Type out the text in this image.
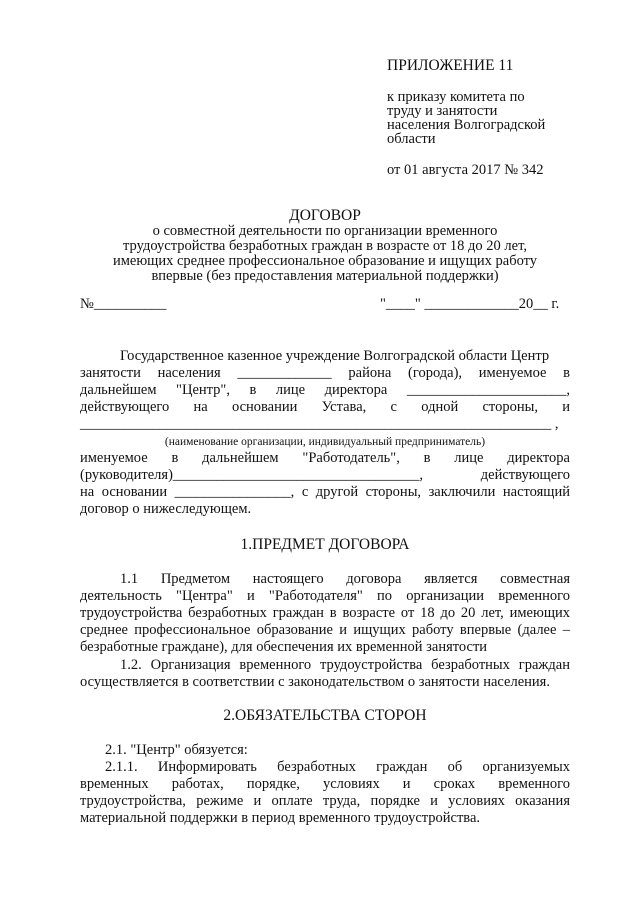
ПРИЛОЖЕНИЕ 11
к приказу комитета по
труду и занятости
населения Волгоградской
области
от 01 августа 2017 № 342
ДОГОВОР
о совместной деятельности по организации временного
трудоустройства безработных граждан в возрасте от 18 до 20 лет,
имеющих среднее профессиональное образование и ищущих работу
впервые (без предоставления материальной поддержки)
№__________	"____" _____________20__ г.
Государственное казенное учреждение Волгоградской области Центр
занятости населения _____________ района (города), именуемое в
дальнейшем "Центр", в лице директора ______________________,
действующего на основании Устава, с одной стороны, и
_________________________________________________________________ ,
(наименование организации, индивидуальный предприниматель)
именуемое в дальнейшем "Работодатель", в лице директора
(руководителя)__________________________________, действующего
на основании ________________, с другой стороны, заключили настоящий
договор о нижеследующем.
1.ПРЕДМЕТ ДОГОВОРА
1.1 Предметом настоящего договора является совместная
деятельность "Центра" и "Работодателя" по организации временного
трудоустройства безработных граждан в возрасте от 18 до 20 лет, имеющих
среднее профессиональное образование и ищущих работу впервые (далее –
безработные граждане), для обеспечения их временной занятости
1.2. Организация временного трудоустройства безработных граждан
осуществляется в соответствии с законодательством о занятости населения.
2.ОБЯЗАТЕЛЬСТВА СТОРОН
2.1. "Центр" обязуется:
2.1.1. Информировать безработных граждан об организуемых
временных работах, порядке, условиях и сроках временного
трудоустройства, режиме и оплате труда, порядке и условиях оказания
материальной поддержки в период временного трудоустройства.
